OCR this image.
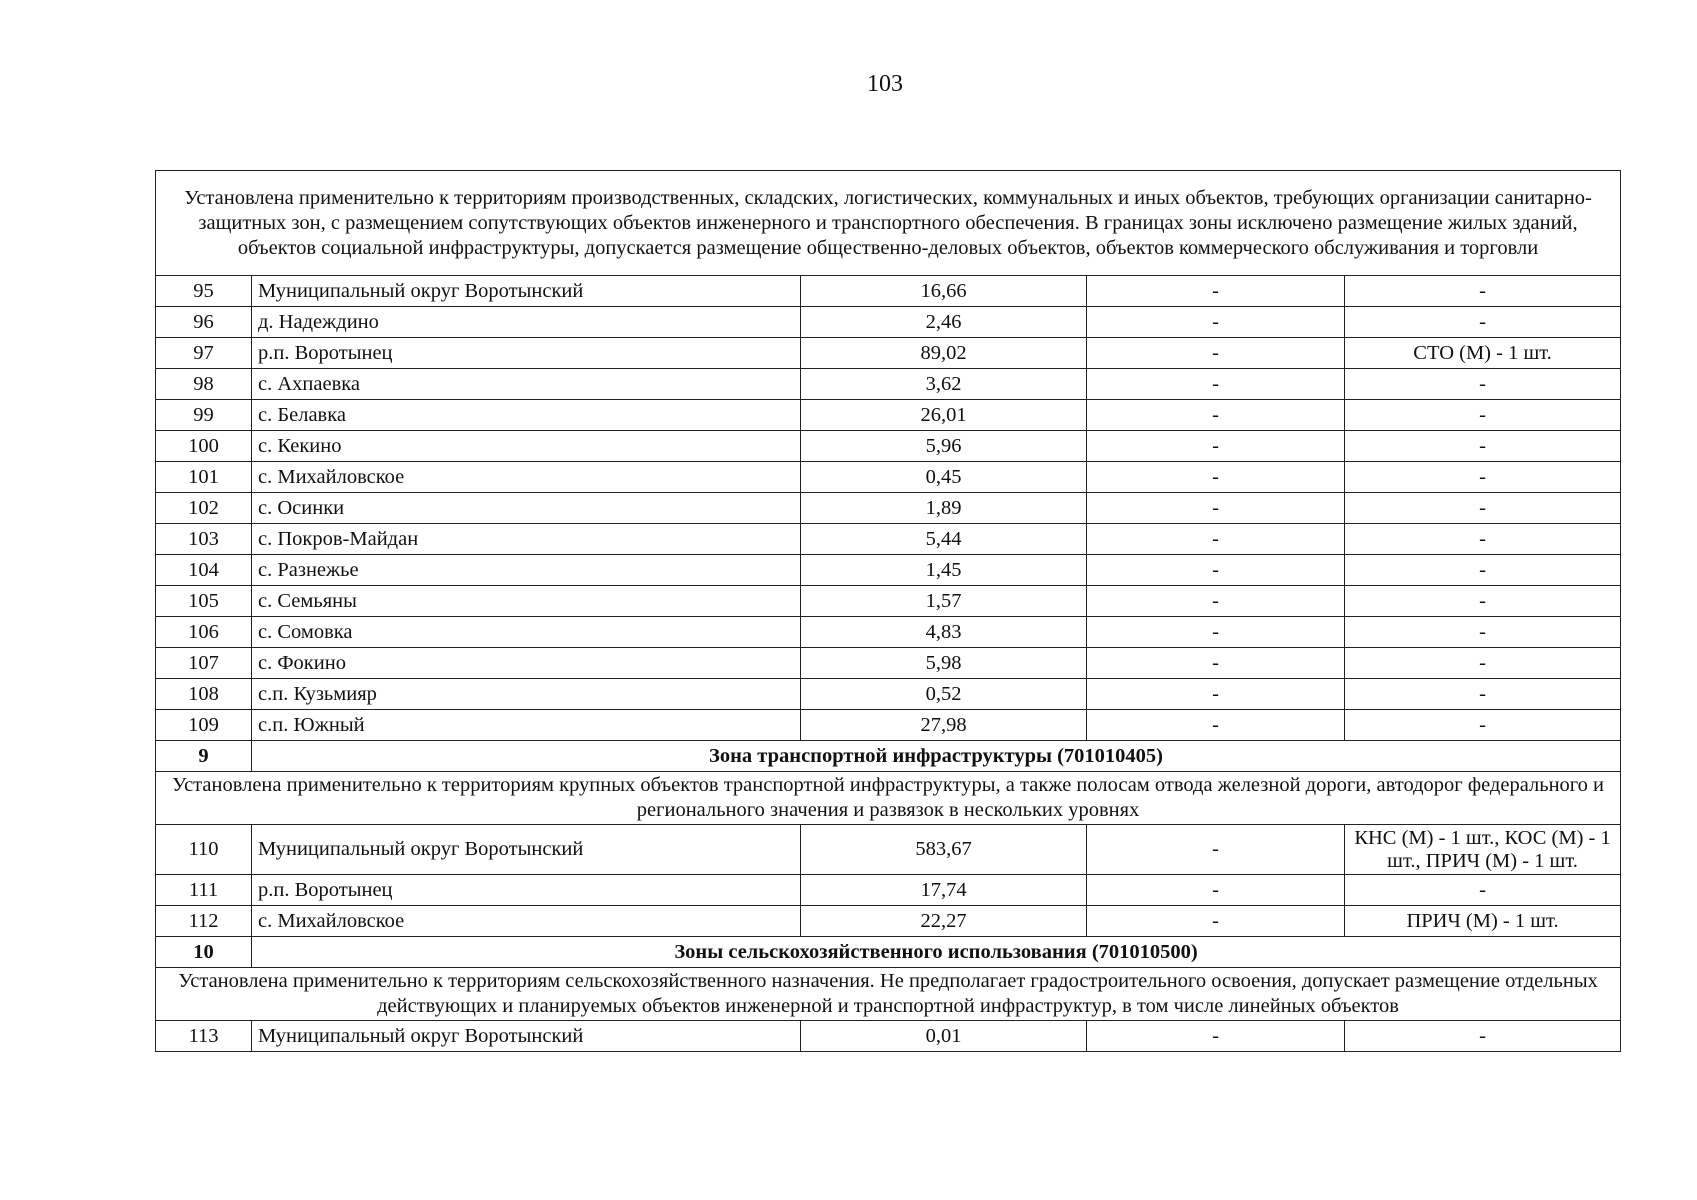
103
Установлена применительно к территориям производственных, складских, логистических, коммунальных и иных объектов, требующих организации санитарно-защитных зон, с размещением сопутствующих объектов инженерного и транспортного обеспечения. В границах зоны исключено размещение жилых зданий, объектов социальной инфраструктуры, допускается размещение общественно-деловых объектов, объектов коммерческого обслуживания и торговли				
95	Муниципальный округ Воротынский	16,66	-	-
96	д. Надеждино	2,46	-	-
97	р.п. Воротынец	89,02	-	СТО (М) - 1 шт.
98	с. Ахпаевка	3,62	-	-
99	с. Белавка	26,01	-	-
100	с. Кекино	5,96	-	-
101	с. Михайловское	0,45	-	-
102	с. Осинки	1,89	-	-
103	с. Покров-Майдан	5,44	-	-
104	с. Разнежье	1,45	-	-
105	с. Семьяны	1,57	-	-
106	с. Сомовка	4,83	-	-
107	с. Фокино	5,98	-	-
108	с.п. Кузьмияр	0,52	-	-
109	с.п. Южный	27,98	-	-
9	Зона транспортной инфраструктуры (701010405)			
Установлена применительно к территориям крупных объектов транспортной инфраструктуры, а также полосам отвода железной дороги, автодорог федерального и регионального значения и развязок в нескольких уровнях				
110	Муниципальный округ Воротынский	583,67	-	КНС (М) - 1 шт., КОС (М) - 1 шт., ПРИЧ (М) - 1 шт.
111	р.п. Воротынец	17,74	-	-
112	с. Михайловское	22,27	-	ПРИЧ (М) - 1 шт.
10	Зоны сельскохозяйственного использования (701010500)			
Установлена применительно к территориям сельскохозяйственного назначения. Не предполагает градостроительного освоения, допускает размещение отдельных действующих и планируемых объектов инженерной и транспортной инфраструктур, в том числе линейных объектов				
113	Муниципальный округ Воротынский	0,01	-	-
